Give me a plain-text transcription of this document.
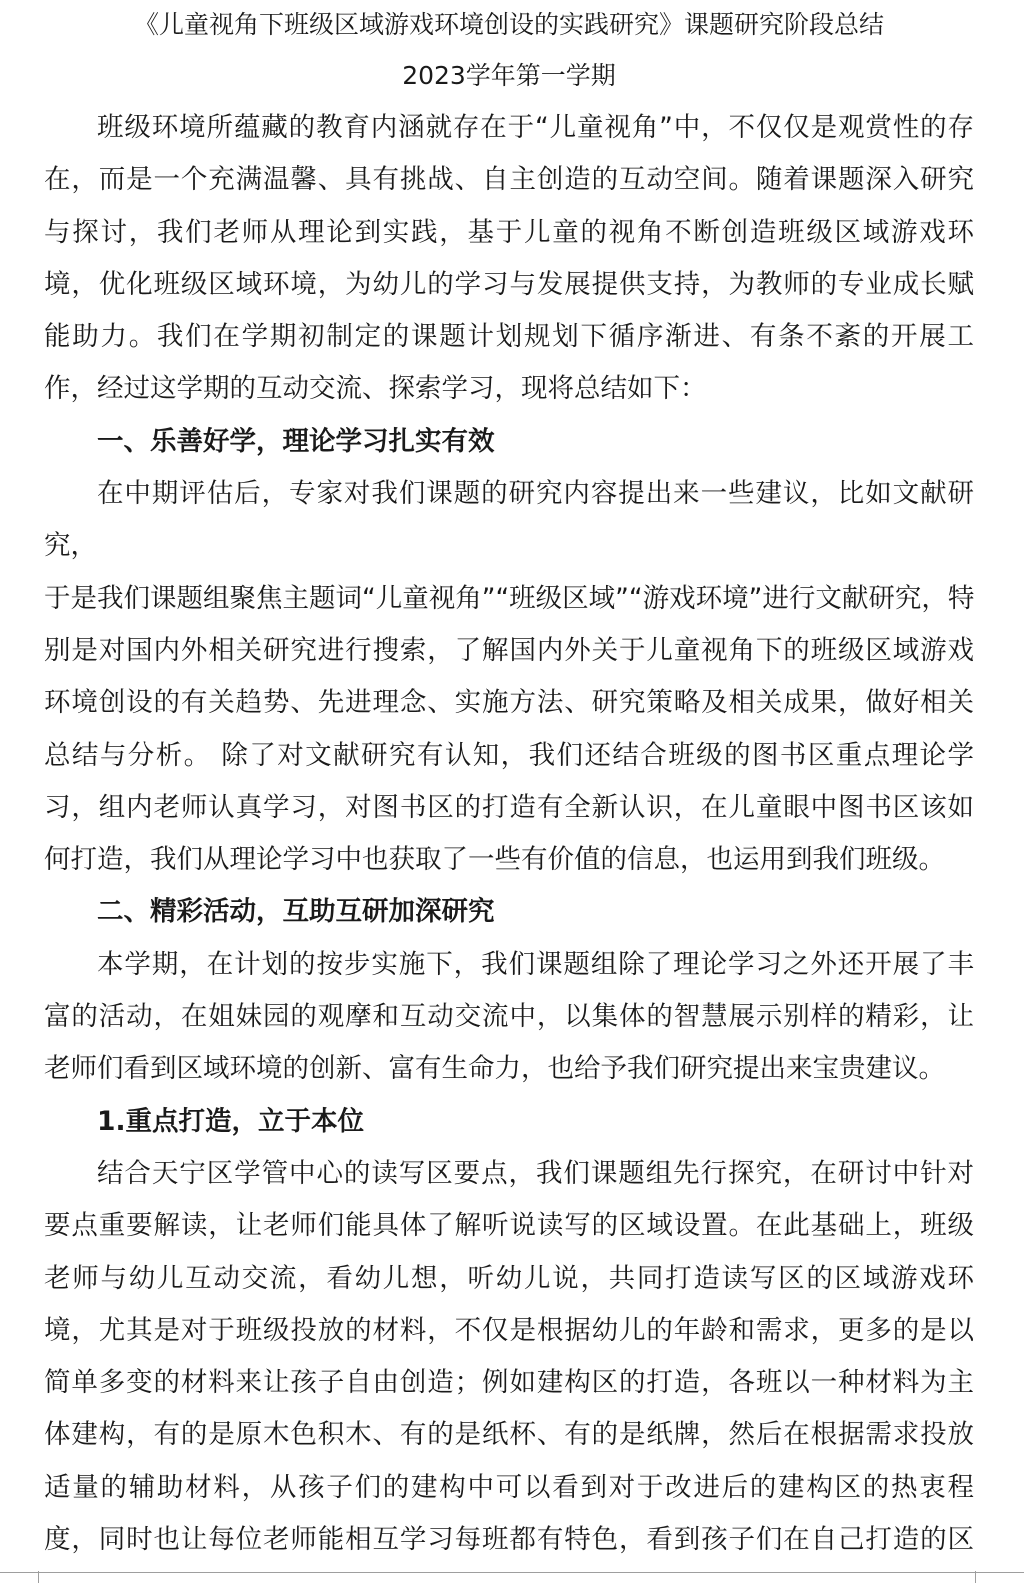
《儿童视角下班级区域游戏环境创设的实践研究》课题研究阶段总结
2023学年第一学期
班级环境所蕴藏的教育内涵就存在于“儿童视角”中，不仅仅是观赏性的存
在，而是一个充满温馨、具有挑战、自主创造的互动空间。随着课题深入研究
与探讨，我们老师从理论到实践，基于儿童的视角不断创造班级区域游戏环
境，优化班级区域环境，为幼儿的学习与发展提供支持，为教师的专业成长赋
能助力。我们在学期初制定的课题计划规划下循序渐进、有条不紊的开展工
作，经过这学期的互动交流、探索学习，现将总结如下：
一、乐善好学，理论学习扎实有效
在中期评估后，专家对我们课题的研究内容提出来一些建议，比如文献研
究，
于是我们课题组聚焦主题词“儿童视角”“班级区域”“游戏环境”进行文献研究，特
别是对国内外相关研究进行搜索，了解国内外关于儿童视角下的班级区域游戏
环境创设的有关趋势、先进理念、实施方法、研究策略及相关成果，做好相关
总结与分析。 除了对文献研究有认知，我们还结合班级的图书区重点理论学
习，组内老师认真学习，对图书区的打造有全新认识，在儿童眼中图书区该如
何打造，我们从理论学习中也获取了一些有价值的信息，也运用到我们班级。
二、精彩活动，互助互研加深研究
本学期，在计划的按步实施下，我们课题组除了理论学习之外还开展了丰
富的活动，在姐妹园的观摩和互动交流中，以集体的智慧展示别样的精彩，让
老师们看到区域环境的创新、富有生命力，也给予我们研究提出来宝贵建议。
1.重点打造，立于本位
结合天宁区学管中心的读写区要点，我们课题组先行探究，在研讨中针对
要点重要解读，让老师们能具体了解听说读写的区域设置。在此基础上，班级
老师与幼儿互动交流，看幼儿想，听幼儿说，共同打造读写区的区域游戏环
境，尤其是对于班级投放的材料，不仅是根据幼儿的年龄和需求，更多的是以
简单多变的材料来让孩子自由创造；例如建构区的打造，各班以一种材料为主
体建构，有的是原木色积木、有的是纸杯、有的是纸牌，然后在根据需求投放
适量的辅助材料，从孩子们的建构中可以看到对于改进后的建构区的热衷程
度，同时也让每位老师能相互学习每班都有特色，看到孩子们在自己打造的区
